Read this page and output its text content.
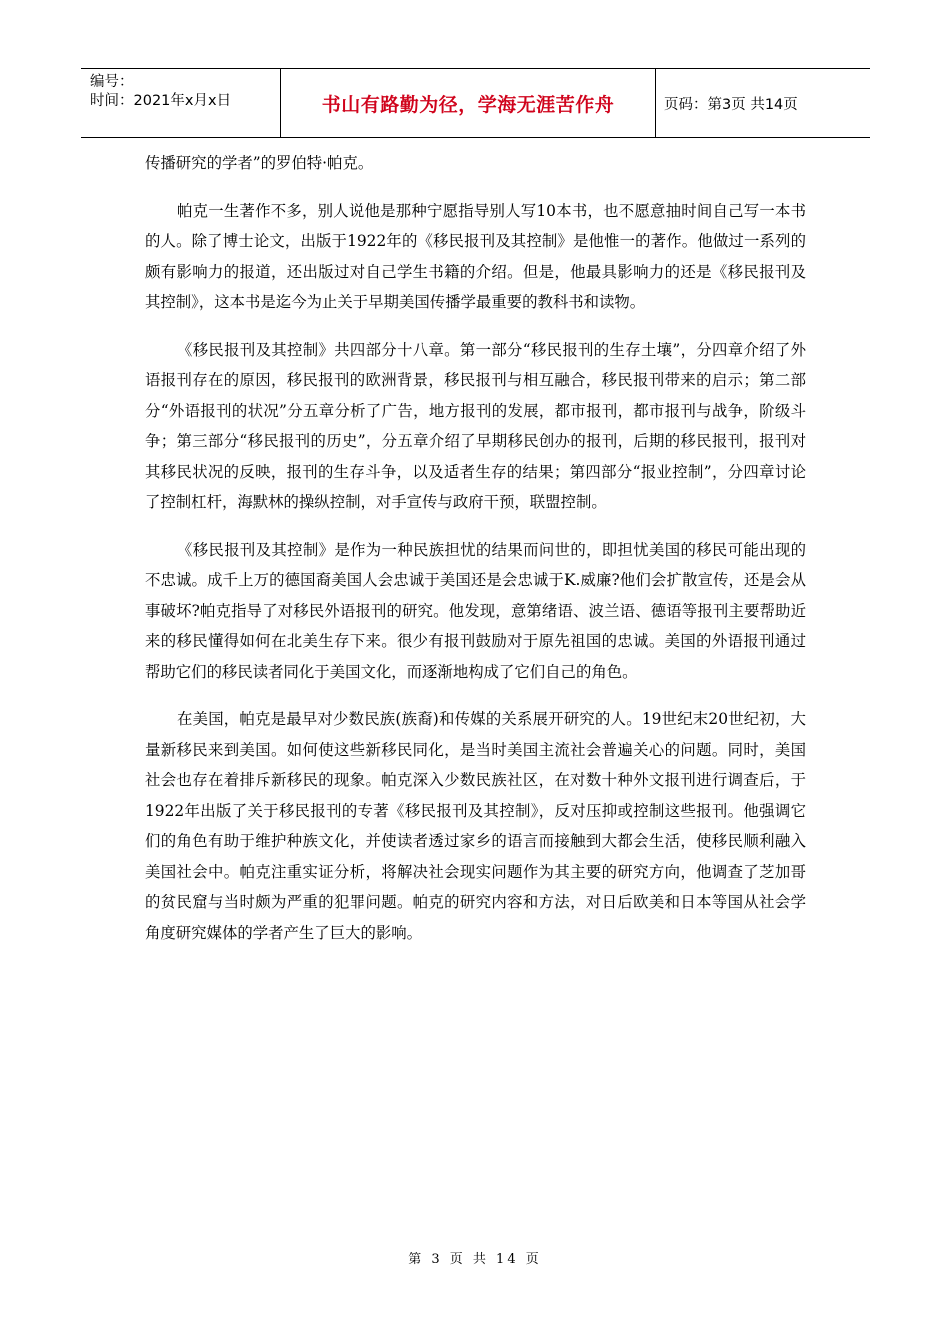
编号：
时间：2021年x月x日	书山有路勤为径，学海无涯苦作舟	页码：第3页 共14页

传播研究的学者”的罗伯特·帕克。

帕克一生著作不多，别人说他是那种宁愿指导别人写10本书，也不愿意抽时间自己写一本书的人。除了博士论文，出版于1922年的《移民报刊及其控制》是他惟一的著作。他做过一系列的颇有影响力的报道，还出版过对自己学生书籍的介绍。但是，他最具影响力的还是《移民报刊及其控制》，这本书是迄今为止关于早期美国传播学最重要的教科书和读物。

《移民报刊及其控制》共四部分十八章。第一部分“移民报刊的生存土壤”，分四章介绍了外语报刊存在的原因，移民报刊的欧洲背景，移民报刊与相互融合，移民报刊带来的启示；第二部分“外语报刊的状况”分五章分析了广告，地方报刊的发展，都市报刊，都市报刊与战争，阶级斗争；第三部分“移民报刊的历史”，分五章介绍了早期移民创办的报刊，后期的移民报刊，报刊对其移民状况的反映，报刊的生存斗争，以及适者生存的结果；第四部分“报业控制”，分四章讨论了控制杠杆，海默林的操纵控制，对手宣传与政府干预，联盟控制。

《移民报刊及其控制》是作为一种民族担忧的结果而问世的，即担忧美国的移民可能出现的不忠诚。成千上万的德国裔美国人会忠诚于美国还是会忠诚于K.威廉?他们会扩散宣传，还是会从事破坏?帕克指导了对移民外语报刊的研究。他发现，意第绪语、波兰语、德语等报刊主要帮助近来的移民懂得如何在北美生存下来。很少有报刊鼓励对于原先祖国的忠诚。美国的外语报刊通过帮助它们的移民读者同化于美国文化，而逐渐地构成了它们自己的角色。

在美国，帕克是最早对少数民族(族裔)和传媒的关系展开研究的人。19世纪末20世纪初，大量新移民来到美国。如何使这些新移民同化，是当时美国主流社会普遍关心的问题。同时，美国社会也存在着排斥新移民的现象。帕克深入少数民族社区，在对数十种外文报刊进行调查后，于1922年出版了关于移民报刊的专著《移民报刊及其控制》，反对压抑或控制这些报刊。他强调它们的角色有助于维护种族文化，并使读者透过家乡的语言而接触到大都会生活，使移民顺利融入美国社会中。帕克注重实证分析，将解决社会现实问题作为其主要的研究方向，他调查了芝加哥的贫民窟与当时颇为严重的犯罪问题。帕克的研究内容和方法，对日后欧美和日本等国从社会学角度研究媒体的学者产生了巨大的影响。

第 3 页 共 14 页
